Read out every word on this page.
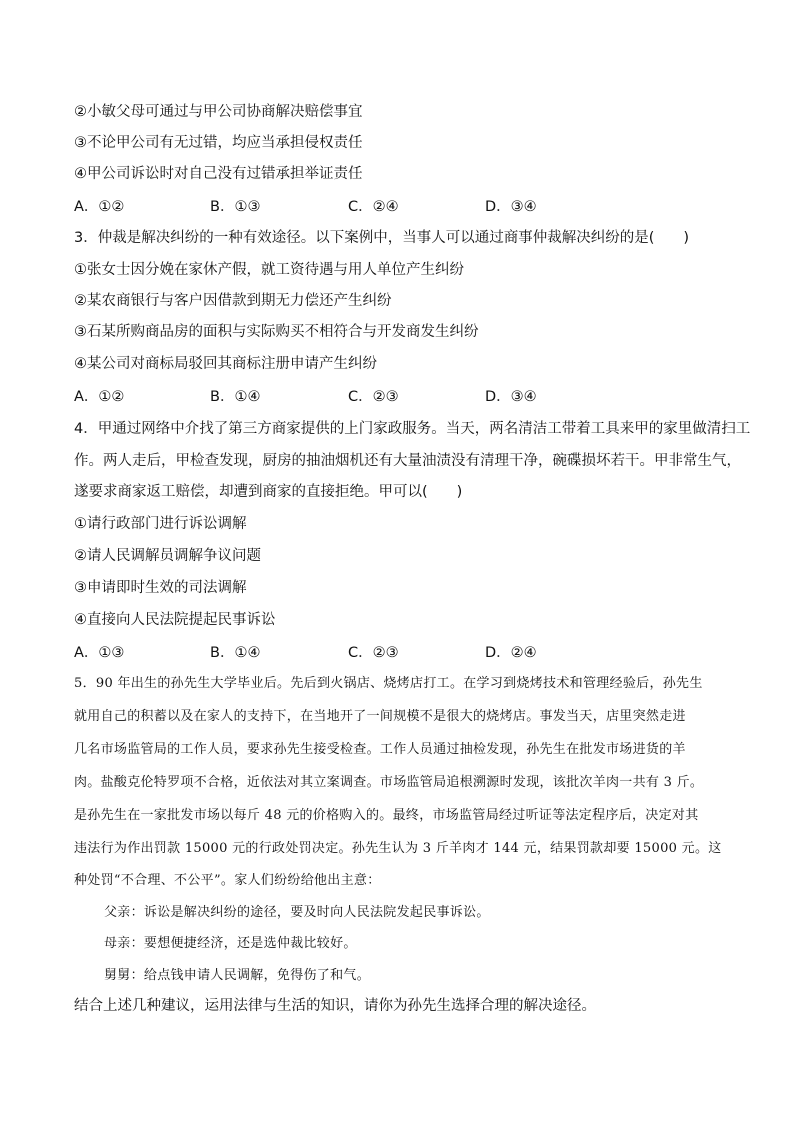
②小敏父母可通过与甲公司协商解决赔偿事宜
③不论甲公司有无过错，均应当承担侵权责任
④甲公司诉讼时对自己没有过错承担举证责任
A．①②	B．①③	C．②④	D．③④
3．仲裁是解决纠纷的一种有效途径。以下案例中，当事人可以通过商事仲裁解决纠纷的是(　　)
①张女士因分娩在家休产假，就工资待遇与用人单位产生纠纷
②某农商银行与客户因借款到期无力偿还产生纠纷
③石某所购商品房的面积与实际购买不相符合与开发商发生纠纷
④某公司对商标局驳回其商标注册申请产生纠纷
A．①②	B．①④	C．②③	D．③④
4．甲通过网络中介找了第三方商家提供的上门家政服务。当天，两名清洁工带着工具来甲的家里做清扫工
作。两人走后，甲检查发现，厨房的抽油烟机还有大量油渍没有清理干净，碗碟损坏若干。甲非常生气，
遂要求商家返工赔偿，却遭到商家的直接拒绝。甲可以(　　)
①请行政部门进行诉讼调解
②请人民调解员调解争议问题
③申请即时生效的司法调解
④直接向人民法院提起民事诉讼
A．①③	B．①④	C．②③	D．②④
5．90 年出生的孙先生大学毕业后。先后到火锅店、烧烤店打工。在学习到烧烤技术和管理经验后，孙先生
就用自己的积蓄以及在家人的支持下，在当地开了一间规模不是很大的烧烤店。事发当天，店里突然走进
几名市场监管局的工作人员，要求孙先生接受检查。工作人员通过抽检发现，孙先生在批发市场进货的羊
肉。盐酸克伦特罗项不合格，近依法对其立案调查。市场监管局追根溯源时发现，该批次羊肉一共有 3 斤。
是孙先生在一家批发市场以每斤 48 元的价格购入的。最终，市场监管局经过听证等法定程序后，决定对其
违法行为作出罚款 15000 元的行政处罚决定。孙先生认为 3 斤羊肉才 144 元，结果罚款却要 15000 元。这
种处罚“不合理、不公平”。家人们纷纷给他出主意：
父亲：诉讼是解决纠纷的途径，要及时向人民法院发起民事诉讼。
母亲：要想便捷经济，还是选仲裁比较好。
舅舅：给点钱申请人民调解，免得伤了和气。
结合上述几种建议，运用法律与生活的知识，请你为孙先生选择合理的解决途径。
